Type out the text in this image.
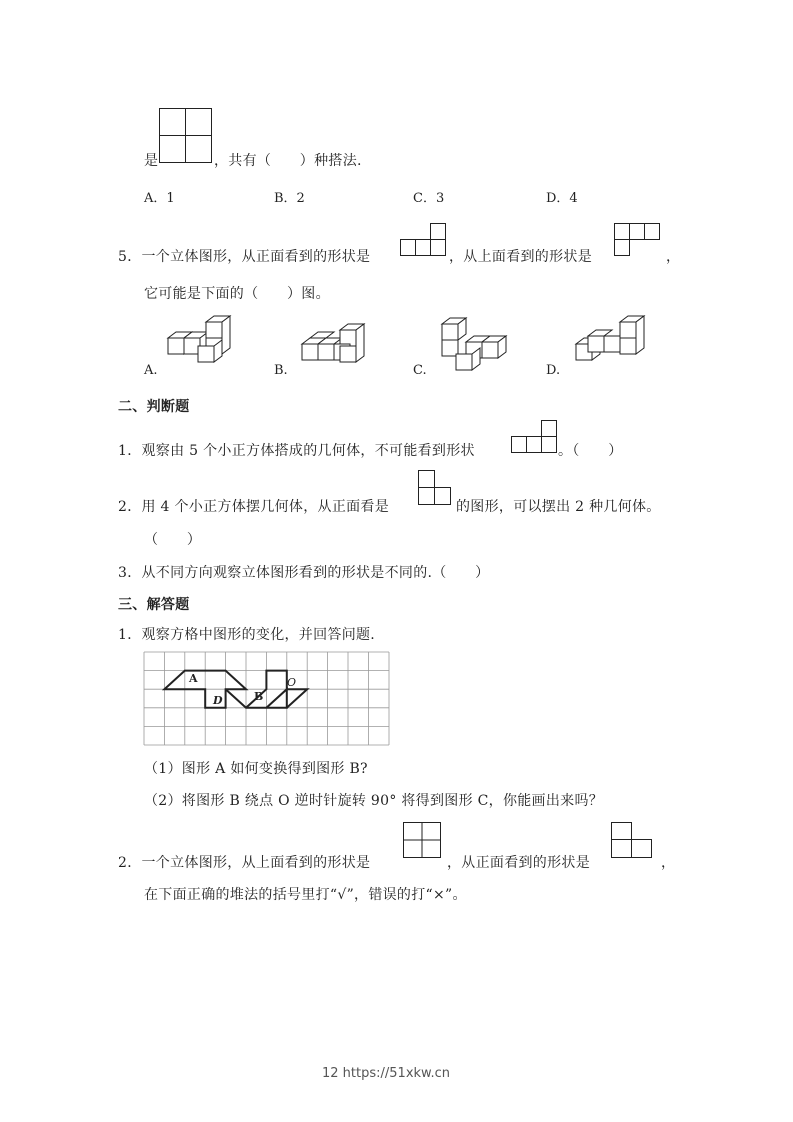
是	，共有（　　）种搭法.
A．1	B．2	C．3	D．4
5．一个立体图形，从正面看到的形状是	，从上面看到的形状是	，
它可能是下面的（　　）图。
A.	B.	C.	D.
二、判断题
1．观察由 5 个小正方体搭成的几何体，不可能看到形状	。（　　）
2．用 4 个小正方体摆几何体，从正面看是	的图形，可以摆出 2 种几何体。
（　　）
3．从不同方向观察立体图形看到的形状是不同的.（　　）
三、解答题
1．观察方格中图形的变化，并回答问题.
A
B
D
O
（1）图形 A 如何变换得到图形 B?
（2）将图形 B 绕点 O 逆时针旋转 90° 将得到图形 C，你能画出来吗？
2．一个立体图形，从上面看到的形状是	，从正面看到的形状是	，
在下面正确的堆法的括号里打“√”，错误的打“×”。
12 https://51xkw.cn
